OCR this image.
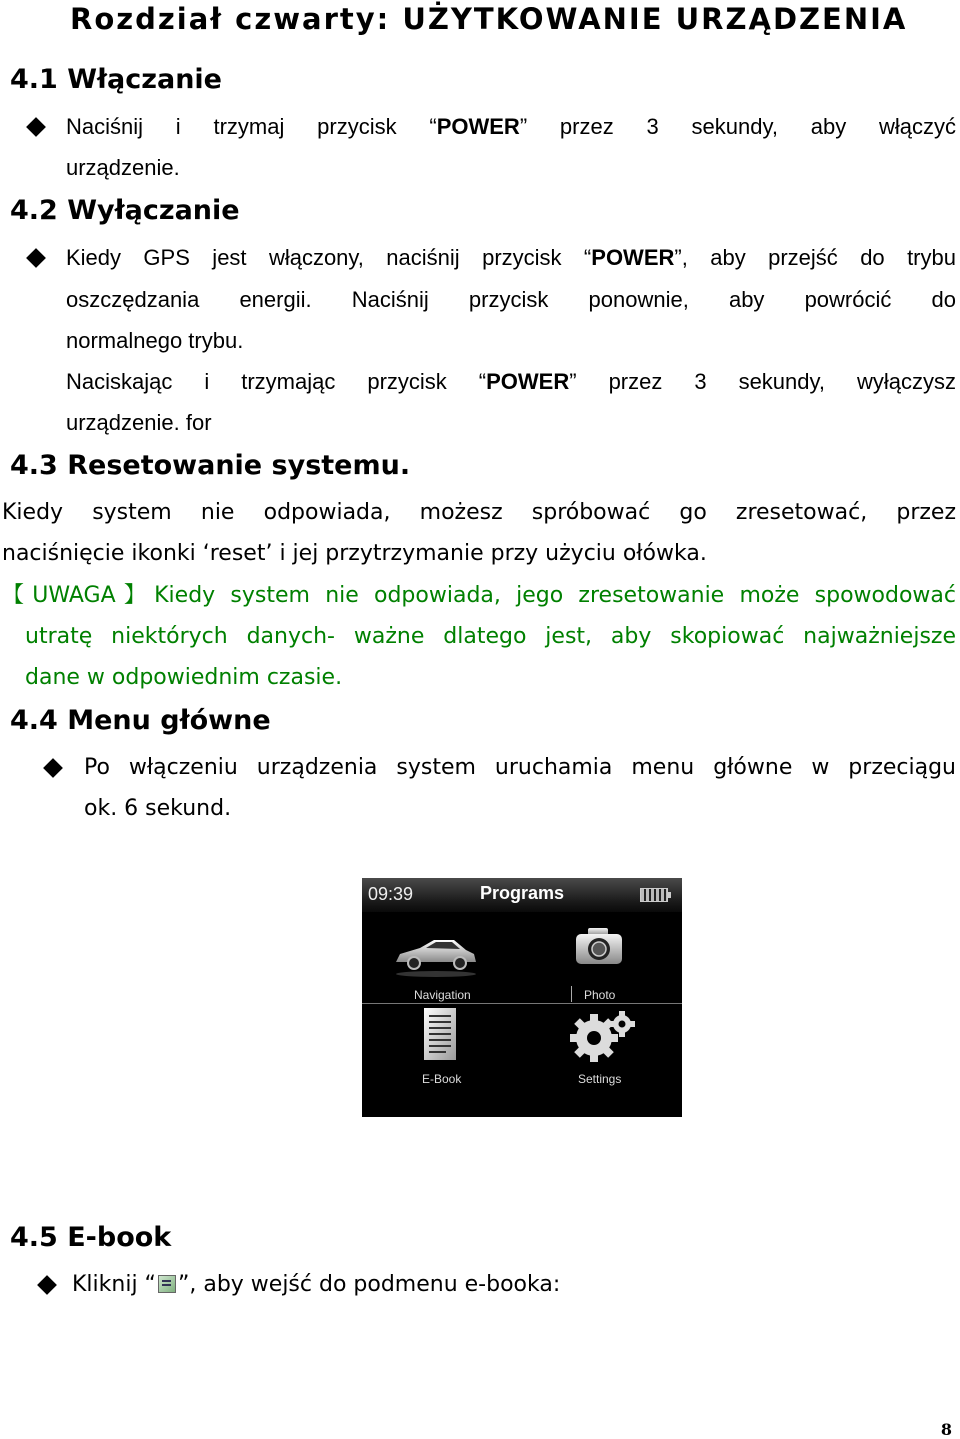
Rozdział czwarty: UŻYTKOWANIE URZĄDZENIA
4.1 Włączanie
Naciśnij i trzymaj przycisk “POWER” przez 3 sekundy, aby włączyć
urządzenie.
4.2 Wyłączanie
Kiedy GPS jest włączony, naciśnij przycisk “POWER”, aby przejść do trybu
oszczędzania energii. Naciśnij przycisk ponownie, aby powrócić do
normalnego trybu.
Naciskając i trzymając przycisk “POWER” przez 3 sekundy, wyłączysz
urządzenie. for
4.3 Resetowanie systemu.
Kiedy system nie odpowiada, możesz spróbować go zresetować, przez
naciśnięcie ikonki ‘reset’ i jej przytrzymanie przy użyciu ołówka.
【UWAGA】Kiedy system nie odpowiada, jego zresetowanie może spowodować
utratę niektórych danych- ważne dlatego jest, aby skopiować najważniejsze
dane w odpowiednim czasie.
4.4 Menu główne
Po włączeniu urządzenia system uruchamia menu główne w przeciągu
ok. 6 sekund.
09:39	Programs
Navigation	Photo
E-Book	Settings
4.5 E-book
Kliknij “ ”, aby wejść do podmenu e-booka:
8
